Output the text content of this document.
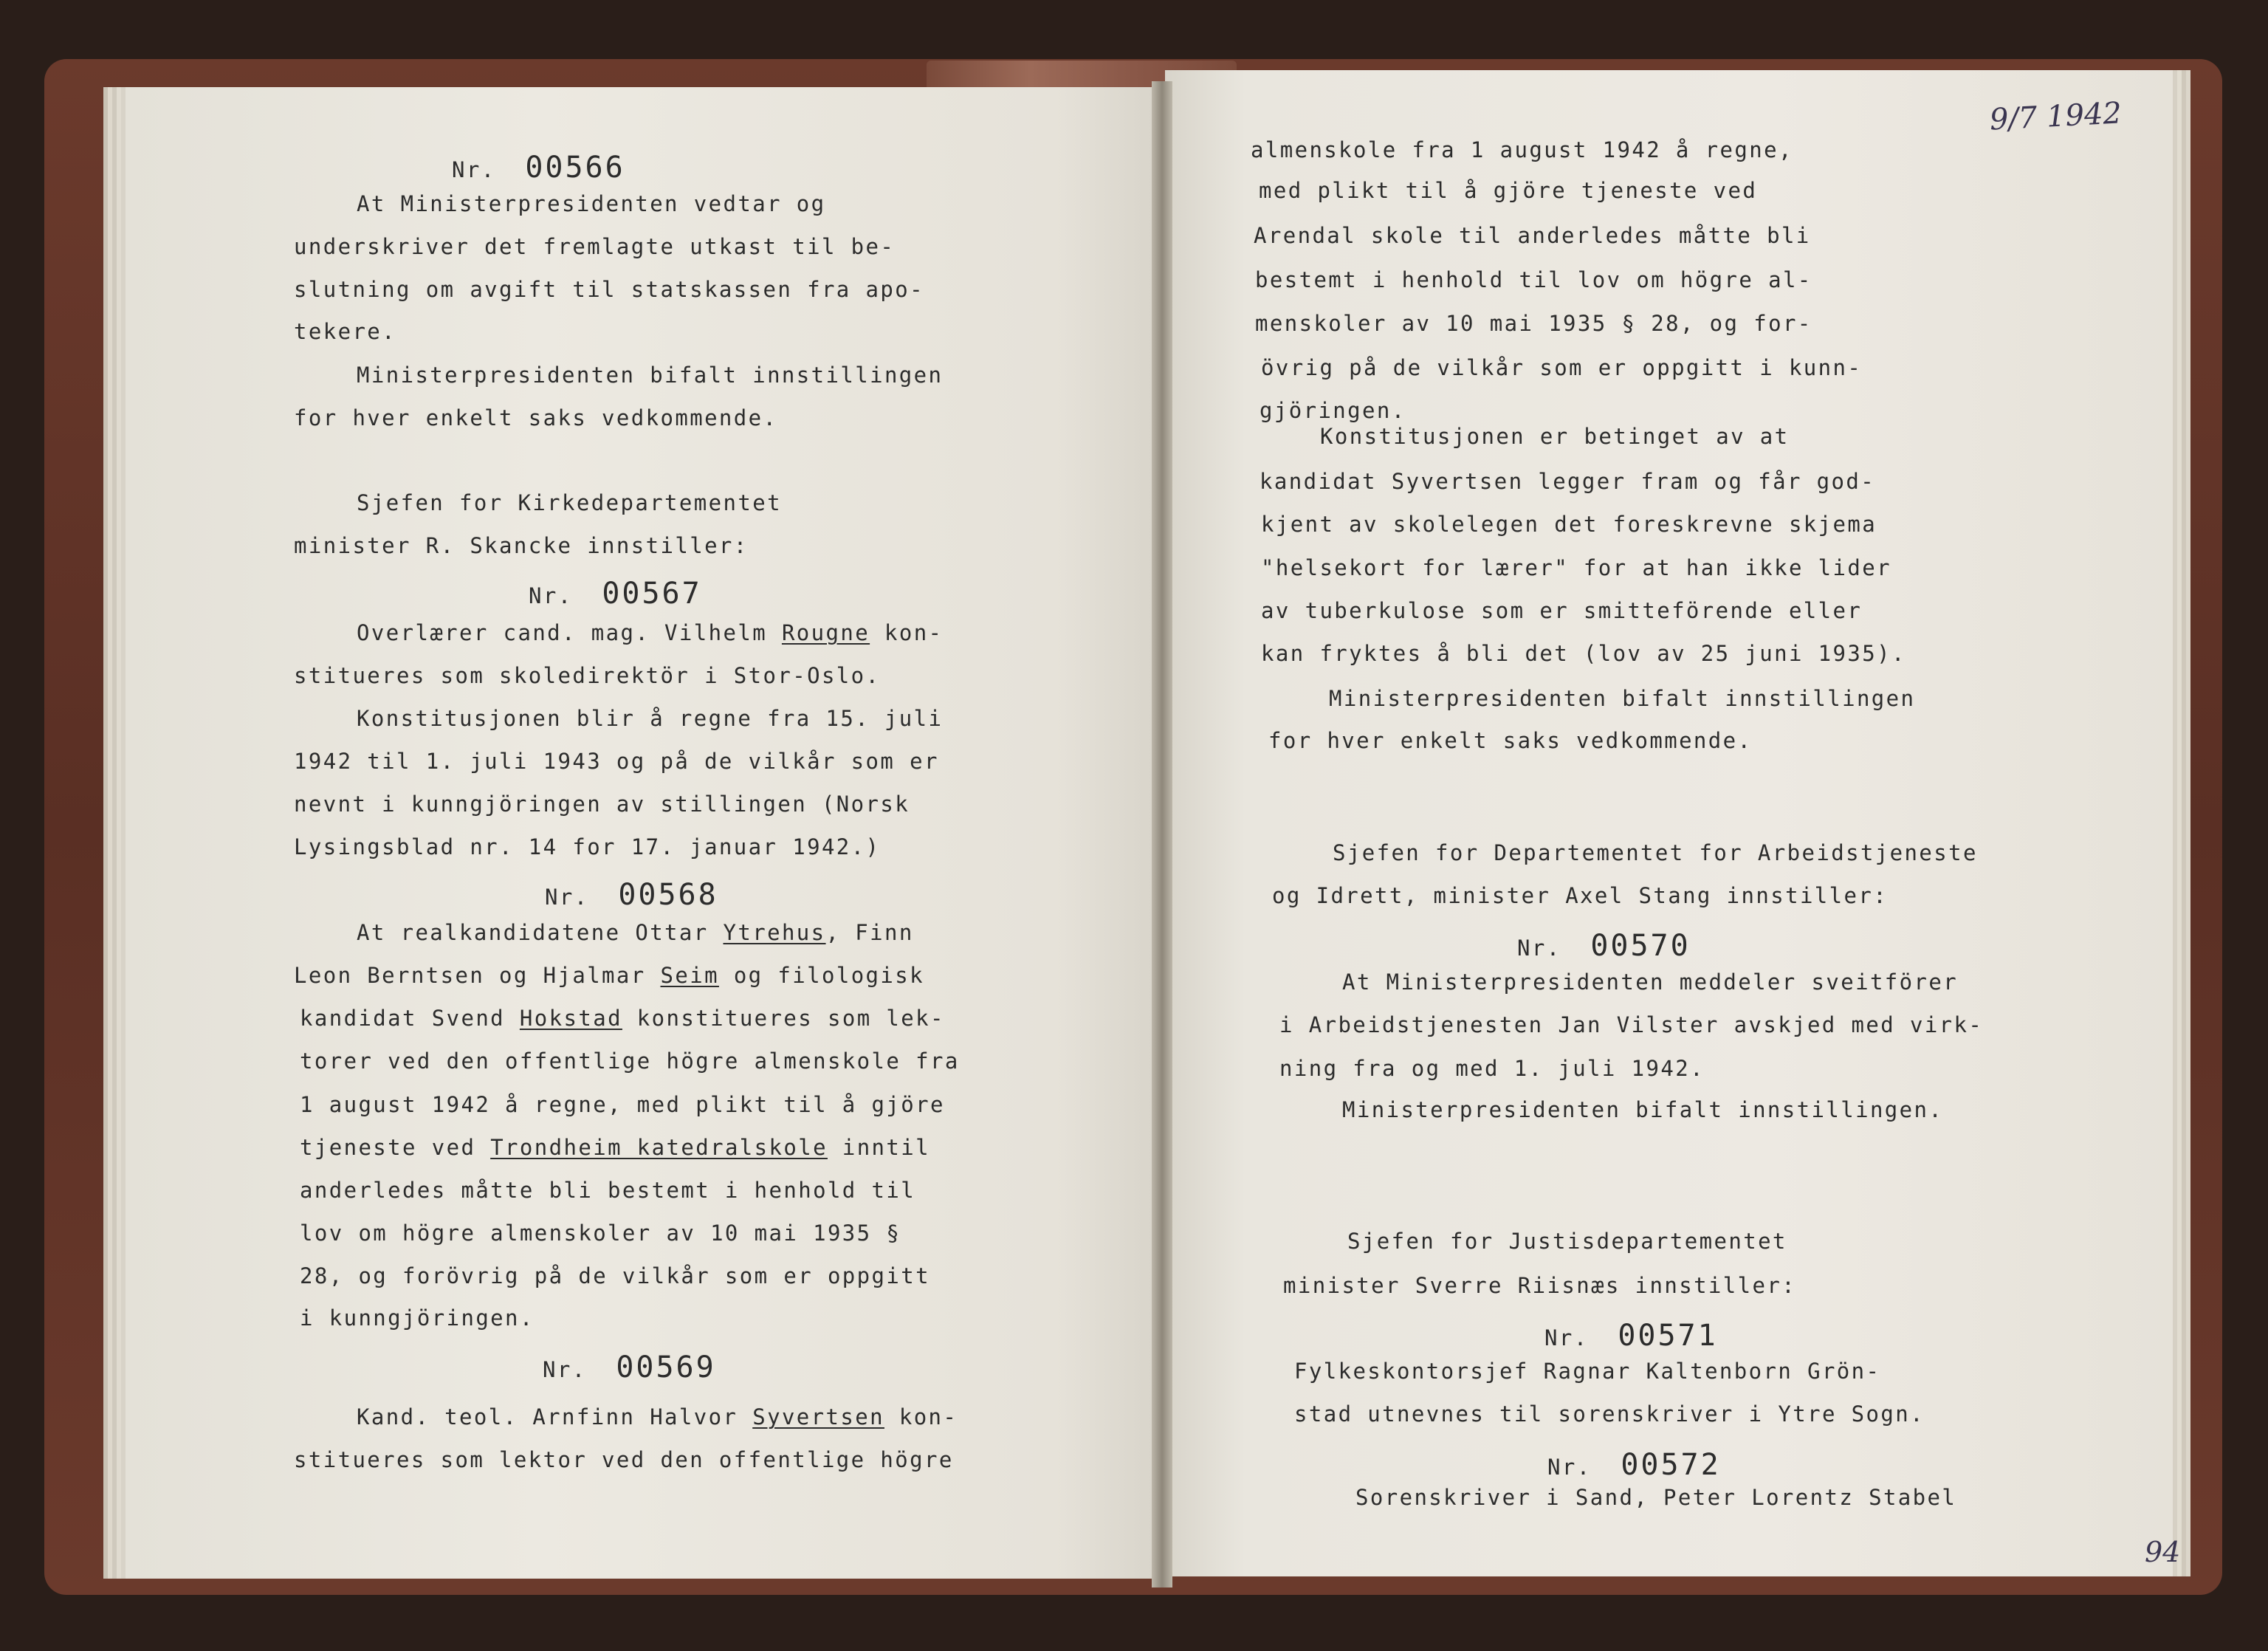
Nr.  00566
At Ministerpresidenten vedtar og
underskriver det fremlagte utkast til be-
slutning om avgift til statskassen fra apo-
tekere.
Ministerpresidenten bifalt innstillingen
for hver enkelt saks vedkommende.
Sjefen for Kirkedepartementet
minister R. Skancke innstiller:
Nr.  00567
Overlærer cand. mag. Vilhelm Rougne kon-
stitueres som skoledirektör i Stor-Oslo.
Konstitusjonen blir å regne fra 15. juli
1942 til 1. juli 1943 og på de vilkår som er
nevnt i kunngjöringen av stillingen (Norsk
Lysingsblad nr. 14 for 17. januar 1942.)
Nr.  00568
At realkandidatene Ottar Ytrehus, Finn
Leon Berntsen og Hjalmar Seim og filologisk
kandidat Svend Hokstad konstitueres som lek-
torer ved den offentlige högre almenskole fra
1 august 1942 å regne, med plikt til å gjöre
tjeneste ved Trondheim katedralskole inntil
anderledes måtte bli bestemt i henhold til
lov om högre almenskoler av 10 mai 1935 §
28, og forövrig på de vilkår som er oppgitt
i kunngjöringen.
Nr.  00569
Kand. teol. Arnfinn Halvor Syvertsen kon-
stitueres som lektor ved den offentlige högre
almenskole fra 1 august 1942 å regne,
med plikt til å gjöre tjeneste ved
Arendal skole til anderledes måtte bli
bestemt i henhold til lov om högre al-
menskoler av 10 mai 1935 § 28, og for-
övrig på de vilkår som er oppgitt i kunn-
gjöringen.
Konstitusjonen er betinget av at
kandidat Syvertsen legger fram og får god-
kjent av skolelegen det foreskrevne skjema
"helsekort for lærer" for at han ikke lider
av tuberkulose som er smitteförende eller
kan fryktes å bli det (lov av 25 juni 1935).
Ministerpresidenten bifalt innstillingen
for hver enkelt saks vedkommende.
Sjefen for Departementet for Arbeidstjeneste
og Idrett, minister Axel Stang innstiller:
Nr.  00570
At Ministerpresidenten meddeler sveitförer
i Arbeidstjenesten Jan Vilster avskjed med virk-
ning fra og med 1. juli 1942.
Ministerpresidenten bifalt innstillingen.
Sjefen for Justisdepartementet
minister Sverre Riisnæs innstiller:
Nr.  00571
Fylkeskontorsjef Ragnar Kaltenborn Grön-
stad utnevnes til sorenskriver i Ytre Sogn.
Nr.  00572
Sorenskriver i Sand, Peter Lorentz Stabel
9/7 1942
94
